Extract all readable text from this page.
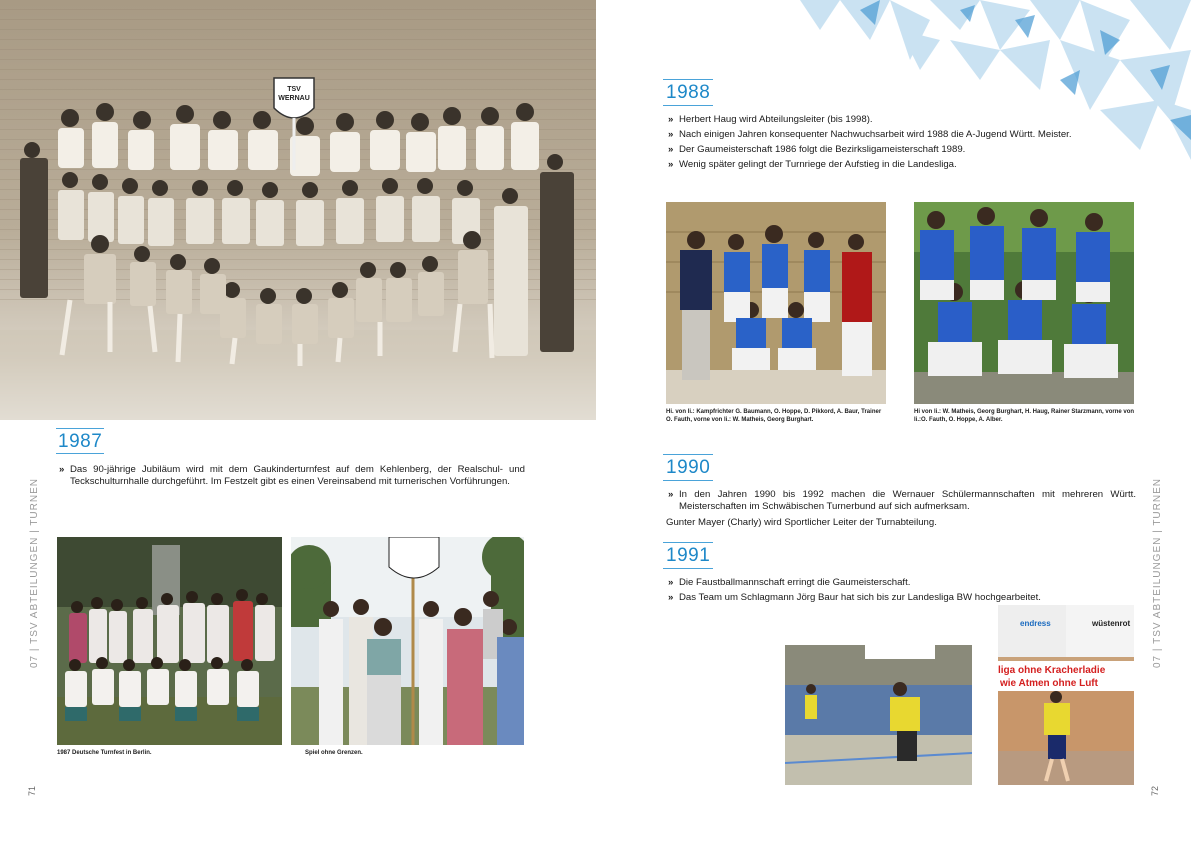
TSV WERNAU
1987
» Das 90-jährige Jubiläum wird mit dem Gaukinderturnfest auf dem Kehlenberg, der Realschul- und Teckschulturnhalle durchgeführt. Im Festzelt gibt es einen Vereinsabend mit turnerischen Vorführungen.
1987 Deutsche Turnfest in Berlin.	Spiel ohne Grenzen.
07 | TSV ABTEILUNGEN | TURNEN
71
1988
» Herbert Haug wird Abteilungsleiter (bis 1998).
» Nach einigen Jahren konsequenter Nachwuchsarbeit wird 1988 die A-Jugend Württ. Meister.
» Der Gaumeisterschaft 1986 folgt die Bezirksligameisterschaft 1989.
» Wenig später gelingt der Turnriege der Aufstieg in die Landesliga.
Hi. von li.: Kampfrichter G. Baumann, O. Hoppe, D. Pikkord, A. Baur, Trainer O. Fauth, vorne von li.: W. Matheis, Georg Burghart.
Hi von li.: W. Matheis, Georg Burghart, H. Haug, Rainer Starzmann, vorne von li.:O. Fauth, O. Hoppe, A. Alber.
1990
» In den Jahren 1990 bis 1992 machen die Wernauer Schülermannschaften mit mehreren Württ. Meisterschaften im Schwäbischen Turnerbund auf sich aufmerksam.
Gunter Mayer (Charly) wird Sportlicher Leiter der Turnabteilung.
1991
» Die Faustballmannschaft erringt die Gaumeisterschaft.
» Das Team um Schlagmann Jörg Baur hat sich bis zur Landesliga BW hochgearbeitet.
endress	wüstenrot
liga ohne Kracherladie
wie Atmen ohne Luft
07 | TSV ABTEILUNGEN | TURNEN
72
